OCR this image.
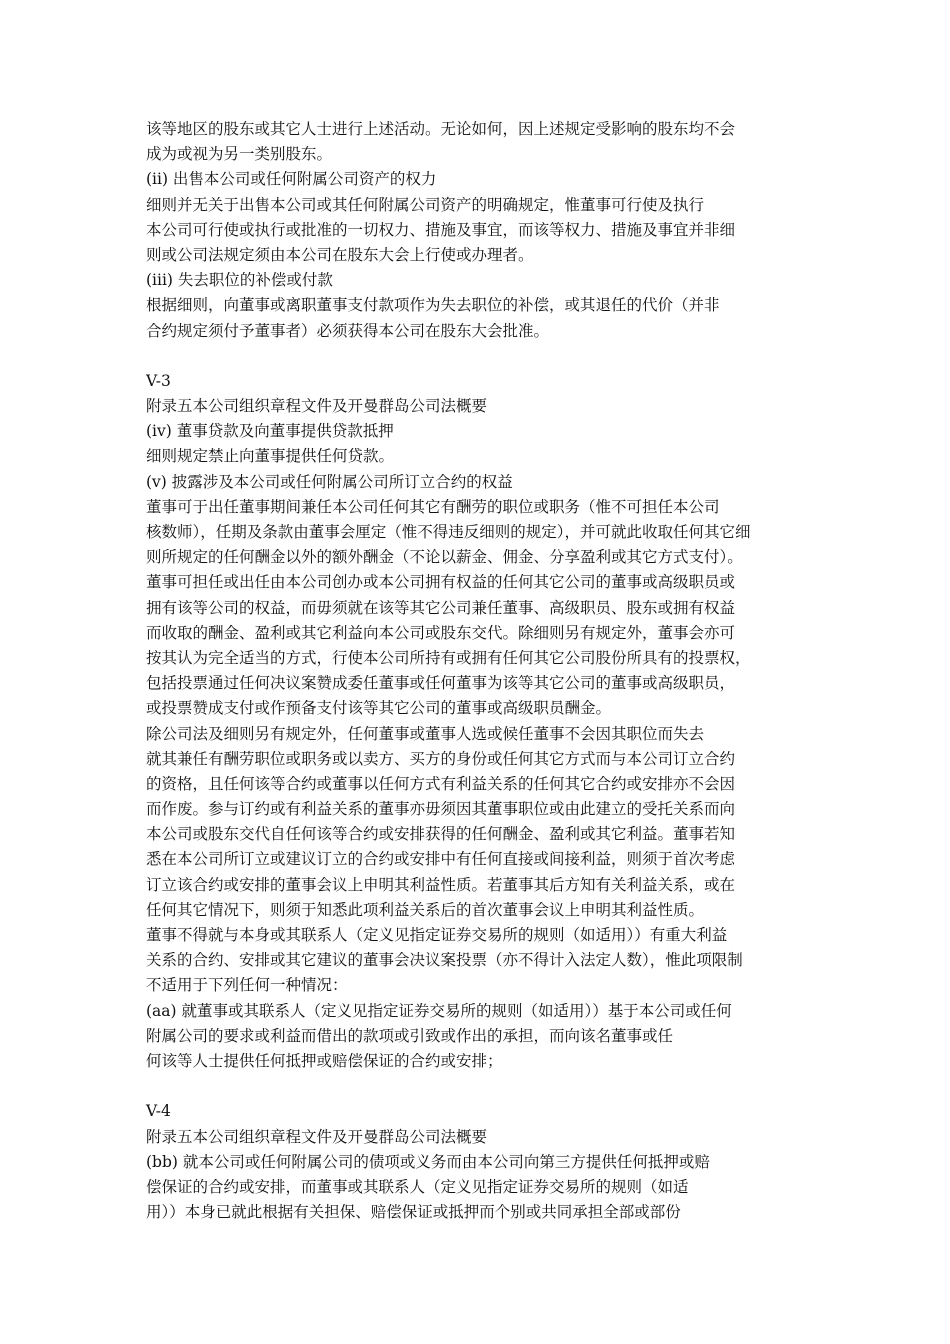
该等地区的股东或其它人士进行上述活动。无论如何，因上述规定受影响的股东均不会
成为或视为另一类别股东。
(ii) 出售本公司或任何附属公司资产的权力
细则并无关于出售本公司或其任何附属公司资产的明确规定，惟董事可行使及执行
本公司可行使或执行或批准的一切权力、措施及事宜，而该等权力、措施及事宜并非细
则或公司法规定须由本公司在股东大会上行使或办理者。
(iii) 失去职位的补偿或付款
根据细则，向董事或离职董事支付款项作为失去职位的补偿，或其退任的代价（并非
合约规定须付予董事者）必须获得本公司在股东大会批准。
V-3
附录五本公司组织章程文件及开曼群岛公司法概要
(iv) 董事贷款及向董事提供贷款抵押
细则规定禁止向董事提供任何贷款。
(v) 披露涉及本公司或任何附属公司所订立合约的权益
董事可于出任董事期间兼任本公司任何其它有酬劳的职位或职务（惟不可担任本公司
核数师），任期及条款由董事会厘定（惟不得违反细则的规定），并可就此收取任何其它细
则所规定的任何酬金以外的额外酬金（不论以薪金、佣金、分享盈利或其它方式支付）。
董事可担任或出任由本公司创办或本公司拥有权益的任何其它公司的董事或高级职员或
拥有该等公司的权益，而毋须就在该等其它公司兼任董事、高级职员、股东或拥有权益
而收取的酬金、盈利或其它利益向本公司或股东交代。除细则另有规定外，董事会亦可
按其认为完全适当的方式，行使本公司所持有或拥有任何其它公司股份所具有的投票权，
包括投票通过任何决议案赞成委任董事或任何董事为该等其它公司的董事或高级职员，
或投票赞成支付或作预备支付该等其它公司的董事或高级职员酬金。
除公司法及细则另有规定外，任何董事或董事人选或候任董事不会因其职位而失去
就其兼任有酬劳职位或职务或以卖方、买方的身份或任何其它方式而与本公司订立合约
的资格，且任何该等合约或董事以任何方式有利益关系的任何其它合约或安排亦不会因
而作废。参与订约或有利益关系的董事亦毋须因其董事职位或由此建立的受托关系而向
本公司或股东交代自任何该等合约或安排获得的任何酬金、盈利或其它利益。董事若知
悉在本公司所订立或建议订立的合约或安排中有任何直接或间接利益，则须于首次考虑
订立该合约或安排的董事会议上申明其利益性质。若董事其后方知有关利益关系，或在
任何其它情况下，则须于知悉此项利益关系后的首次董事会议上申明其利益性质。
董事不得就与本身或其联系人（定义见指定证券交易所的规则（如适用））有重大利益
关系的合约、安排或其它建议的董事会决议案投票（亦不得计入法定人数），惟此项限制
不适用于下列任何一种情况：
(aa) 就董事或其联系人（定义见指定证券交易所的规则（如适用））基于本公司或任何
附属公司的要求或利益而借出的款项或引致或作出的承担，而向该名董事或任
何该等人士提供任何抵押或赔偿保证的合约或安排；
V-4
附录五本公司组织章程文件及开曼群岛公司法概要
(bb) 就本公司或任何附属公司的债项或义务而由本公司向第三方提供任何抵押或赔
偿保证的合约或安排，而董事或其联系人（定义见指定证券交易所的规则（如适
用））本身已就此根据有关担保、赔偿保证或抵押而个别或共同承担全部或部份
